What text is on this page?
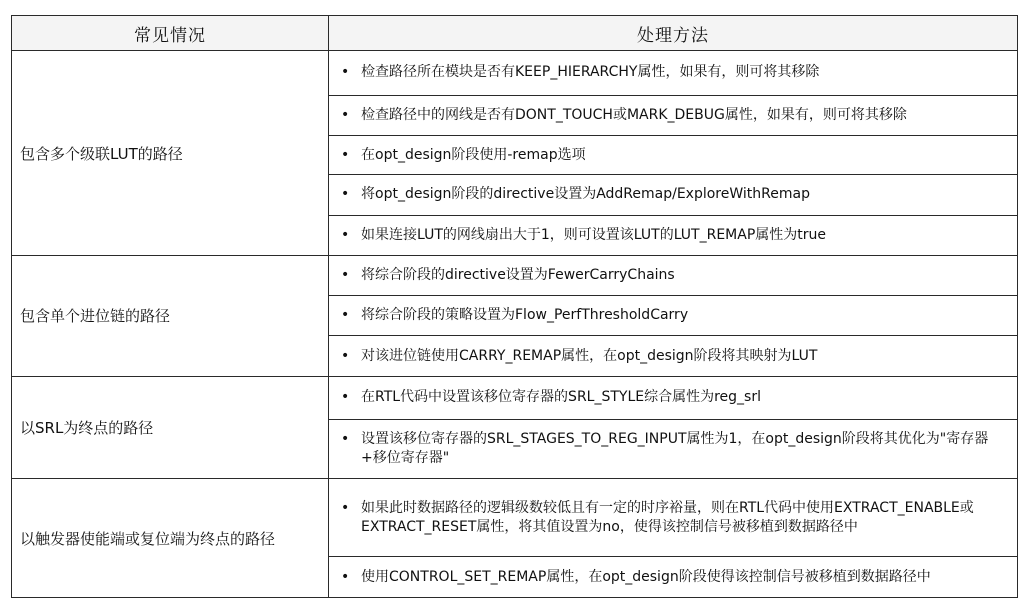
常见情况	处理方法
包含多个级联LUT的路径	• 检查路径所在模块是否有KEEP_HIERARCHY属性，如果有，则可将其移除

	• 检查路径中的网线是否有DONT_TOUCH或MARK_DEBUG属性，如果有，则可将其移除

	• 在opt_design阶段使用-remap选项

	• 将opt_design阶段的directive设置为AddRemap/ExploreWithRemap

	• 如果连接LUT的网线扇出大于1，则可设置该LUT的LUT_REMAP属性为true

包含单个进位链的路径	• 将综合阶段的directive设置为FewerCarryChains

	• 将综合阶段的策略设置为Flow_PerfThresholdCarry

	• 对该进位链使用CARRY_REMAP属性，在opt_design阶段将其映射为LUT

以SRL为终点的路径	• 在RTL代码中设置该移位寄存器的SRL_STYLE综合属性为reg_srl

	• 设置该移位寄存器的SRL_STAGES_TO_REG_INPUT属性为1，在opt_design阶段将其优化为"寄存器+移位寄存器"

以触发器使能端或复位端为终点的路径	• 如果此时数据路径的逻辑级数较低且有一定的时序裕量，则在RTL代码中使用EXTRACT_ENABLE或EXTRACT_RESET属性，将其值设置为no，使得该控制信号被移植到数据路径中

	• 使用CONTROL_SET_REMAP属性，在opt_design阶段使得该控制信号被移植到数据路径中
